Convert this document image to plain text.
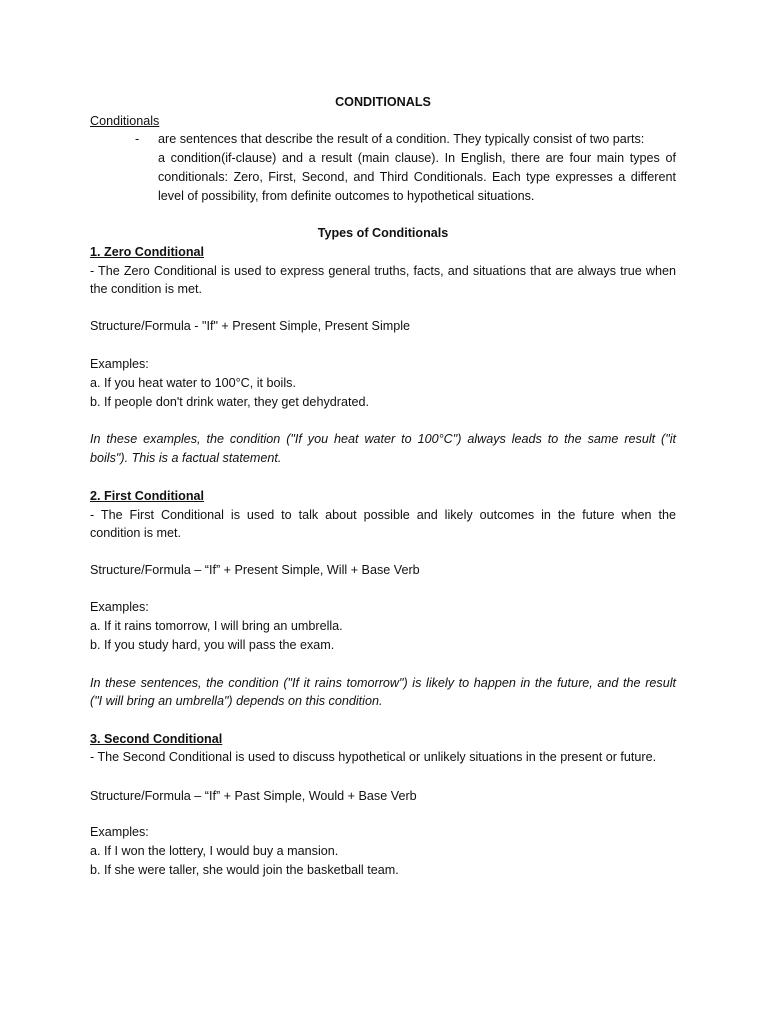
CONDITIONALS
Conditionals
- are sentences that describe the result of a condition. They typically consist of two parts:
a condition(if-clause) and a result (main clause). In English, there are four main types of
conditionals: Zero, First, Second, and Third Conditionals. Each type expresses a different
level of possibility, from definite outcomes to hypothetical situations.
Types of Conditionals
1. Zero Conditional
- The Zero Conditional is used to express general truths, facts, and situations that are always true when
the condition is met.
Structure/Formula - "If" + Present Simple, Present Simple
Examples:
a. If you heat water to 100°C, it boils.
b. If people don't drink water, they get dehydrated.
In these examples, the condition ("If you heat water to 100°C") always leads to the same result ("it
boils"). This is a factual statement.
2. First Conditional
- The First Conditional is used to talk about possible and likely outcomes in the future when the
condition is met.
Structure/Formula – “If” + Present Simple, Will + Base Verb
Examples:
a. If it rains tomorrow, I will bring an umbrella.
b. If you study hard, you will pass the exam.
In these sentences, the condition ("If it rains tomorrow") is likely to happen in the future, and the result
("I will bring an umbrella") depends on this condition.
3. Second Conditional
- The Second Conditional is used to discuss hypothetical or unlikely situations in the present or future.
Structure/Formula – “If” + Past Simple, Would + Base Verb
Examples:
a. If I won the lottery, I would buy a mansion.
b. If she were taller, she would join the basketball team.
